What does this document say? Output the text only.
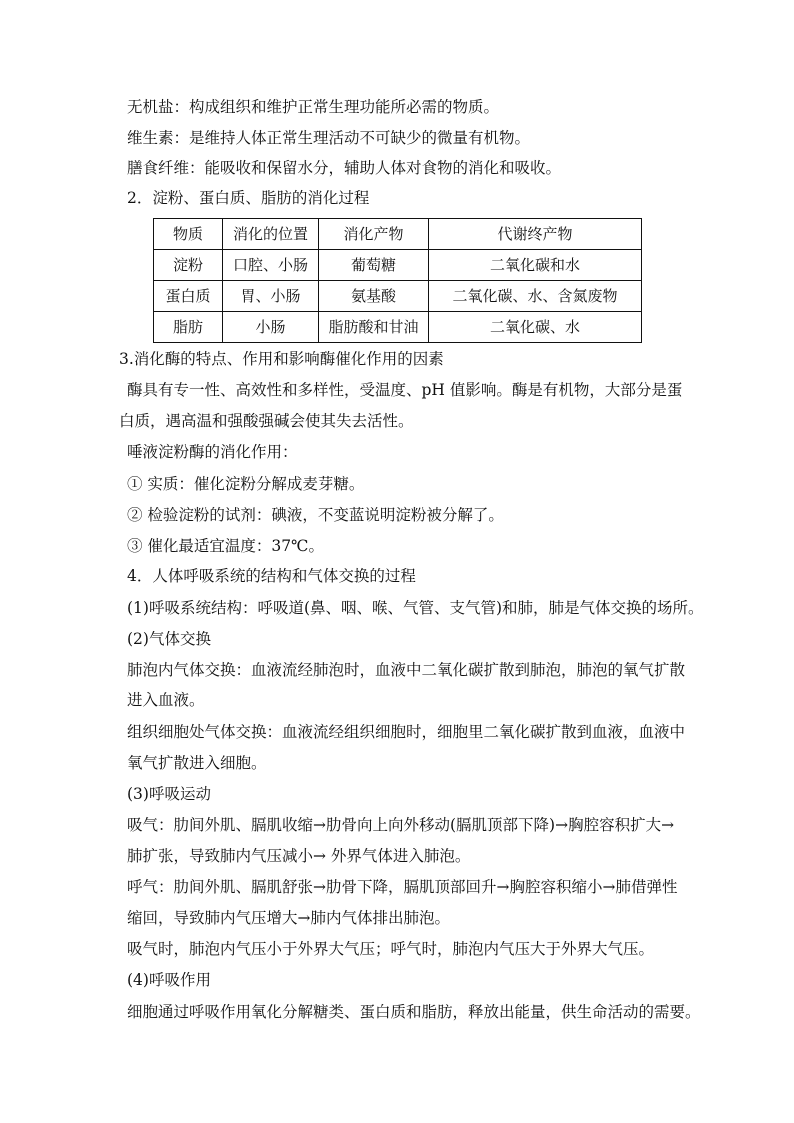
无机盐：构成组织和维护正常生理功能所必需的物质。

维生素：是维持人体正常生理活动不可缺少的微量有机物。

膳食纤维：能吸收和保留水分，辅助人体对食物的消化和吸收。

2．淀粉、蛋白质、脂肪的消化过程

物质	消化的位置	消化产物	代谢终产物
淀粉	口腔、小肠	葡萄糖	二氧化碳和水
蛋白质	胃、小肠	氨基酸	二氧化碳、水、含氮废物
脂肪	小肠	脂肪酸和甘油	二氧化碳、水

3.消化酶的特点、作用和影响酶催化作用的因素

酶具有专一性、高效性和多样性，受温度、pH 值影响。酶是有机物，大部分是蛋

白质，遇高温和强酸强碱会使其失去活性。

唾液淀粉酶的消化作用：

① 实质：催化淀粉分解成麦芽糖。

② 检验淀粉的试剂：碘液，不变蓝说明淀粉被分解了。

③ 催化最适宜温度：37℃。

4．人体呼吸系统的结构和气体交换的过程

(1)呼吸系统结构：呼吸道(鼻、咽、喉、气管、支气管)和肺，肺是气体交换的场所。

(2)气体交换

肺泡内气体交换：血液流经肺泡时，血液中二氧化碳扩散到肺泡，肺泡的氧气扩散

进入血液。

组织细胞处气体交换：血液流经组织细胞时，细胞里二氧化碳扩散到血液，血液中

氧气扩散进入细胞。

(3)呼吸运动

吸气：肋间外肌、膈肌收缩→肋骨向上向外移动(膈肌顶部下降)→胸腔容积扩大→

肺扩张，导致肺内气压减小→ 外界气体进入肺泡。

呼气：肋间外肌、膈肌舒张→肋骨下降，膈肌顶部回升→胸腔容积缩小→肺借弹性

缩回，导致肺内气压增大→肺内气体排出肺泡。

吸气时，肺泡内气压小于外界大气压；呼气时，肺泡内气压大于外界大气压。

(4)呼吸作用

细胞通过呼吸作用氧化分解糖类、蛋白质和脂肪，释放出能量，供生命活动的需要。
